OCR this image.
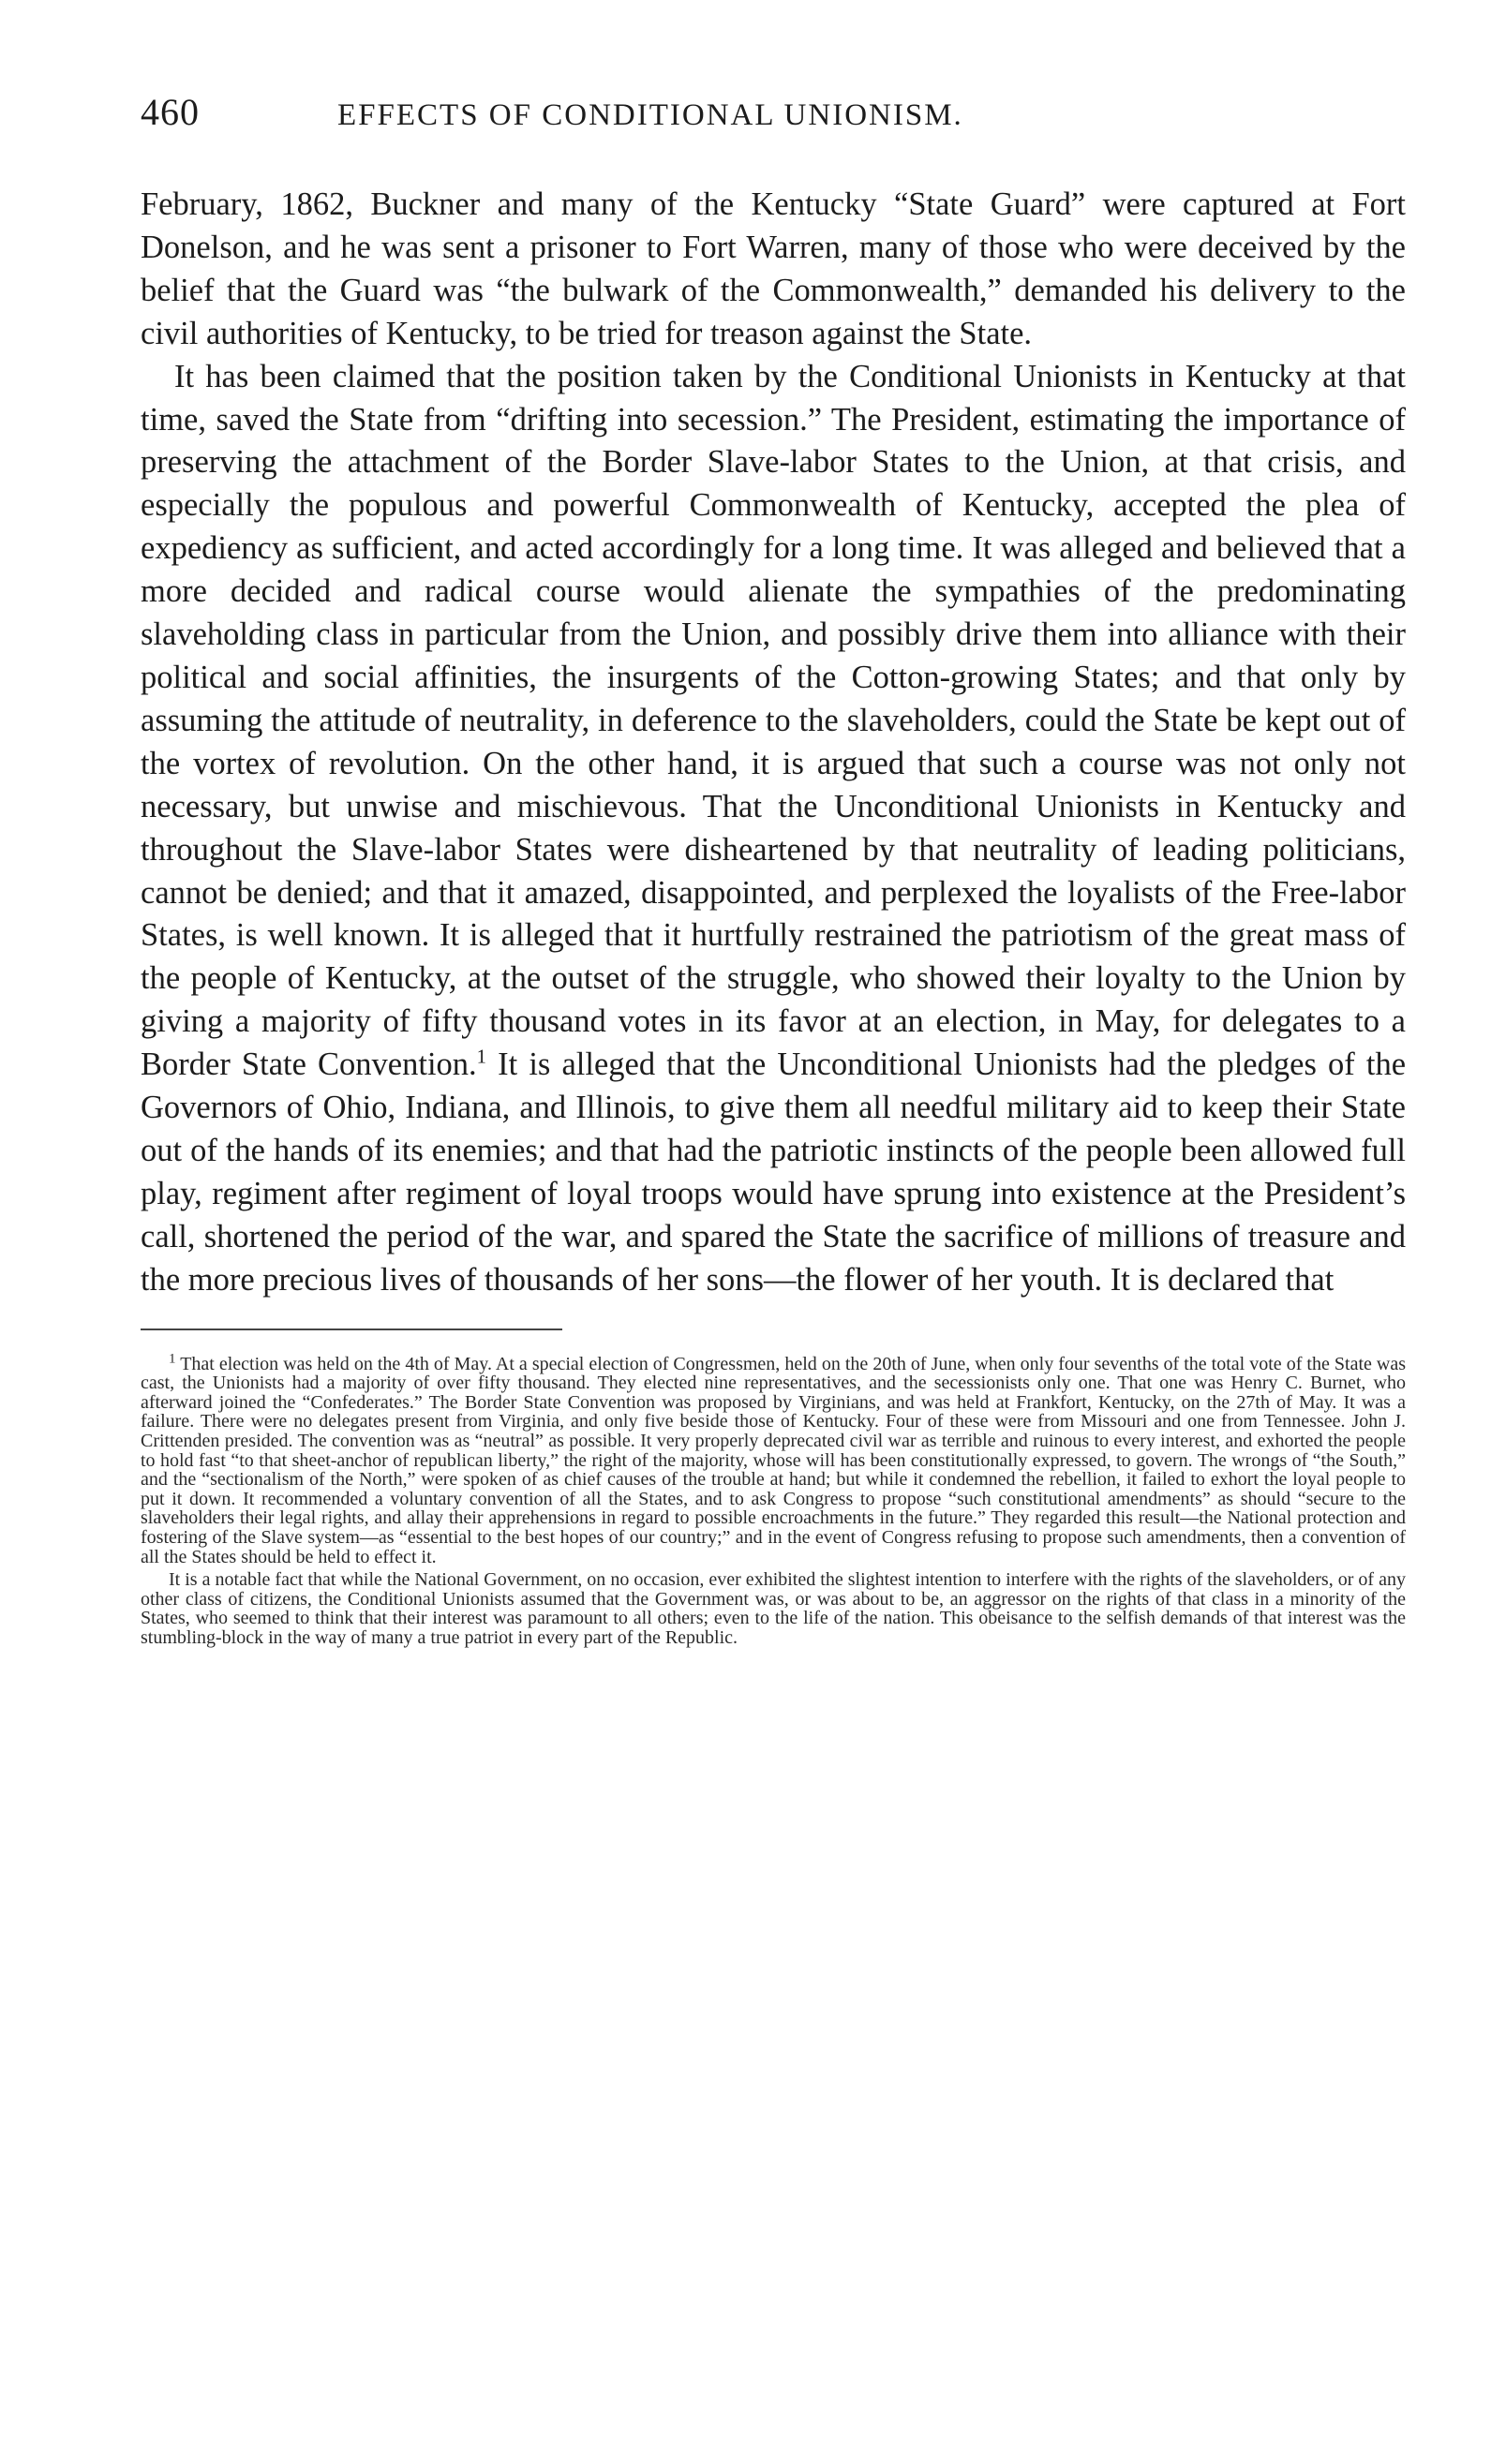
460	EFFECTS OF CONDITIONAL UNIONISM.

February, 1862, Buckner and many of the Kentucky “State Guard” were captured at Fort Donelson, and he was sent a prisoner to Fort Warren, many of those who were deceived by the belief that the Guard was “the bulwark of the Commonwealth,” demanded his delivery to the civil authorities of Kentucky, to be tried for treason against the State.

It has been claimed that the position taken by the Conditional Unionists in Kentucky at that time, saved the State from “drifting into secession.” The President, estimating the importance of preserving the attachment of the Border Slave-labor States to the Union, at that crisis, and especially the populous and powerful Commonwealth of Kentucky, accepted the plea of expediency as sufficient, and acted accordingly for a long time. It was alleged and believed that a more decided and radical course would alienate the sympathies of the predominating slaveholding class in particular from the Union, and possibly drive them into alliance with their political and social affinities, the insurgents of the Cotton-growing States; and that only by assuming the attitude of neutrality, in deference to the slaveholders, could the State be kept out of the vortex of revolution. On the other hand, it is argued that such a course was not only not necessary, but unwise and mischievous. That the Unconditional Unionists in Kentucky and throughout the Slave-labor States were disheartened by that neutrality of leading politicians, cannot be denied; and that it amazed, disappointed, and perplexed the loyalists of the Free-labor States, is well known. It is alleged that it hurtfully restrained the patriotism of the great mass of the people of Kentucky, at the outset of the struggle, who showed their loyalty to the Union by giving a majority of fifty thousand votes in its favor at an election, in May, for delegates to a Border State Convention.$^1$ It is alleged that the Unconditional Unionists had the pledges of the Governors of Ohio, Indiana, and Illinois, to give them all needful military aid to keep their State out of the hands of its enemies; and that had the patriotic instincts of the people been allowed full play, regiment after regiment of loyal troops would have sprung into existence at the President’s call, shortened the period of the war, and spared the State the sacrifice of millions of treasure and the more precious lives of thousands of her sons—the flower of her youth. It is declared that

$^1$ That election was held on the 4th of May. At a special election of Congressmen, held on the 20th of June, when only four sevenths of the total vote of the State was cast, the Unionists had a majority of over fifty thousand. They elected nine representatives, and the secessionists only one. That one was Henry C. Burnet, who afterward joined the “Confederates.” The Border State Convention was proposed by Virginians, and was held at Frankfort, Kentucky, on the 27th of May. It was a failure. There were no delegates present from Virginia, and only five beside those of Kentucky. Four of these were from Missouri and one from Tennessee. John J. Crittenden presided. The convention was as “neutral” as possible. It very properly deprecated civil war as terrible and ruinous to every interest, and exhorted the people to hold fast “to that sheet-anchor of republican liberty,” the right of the majority, whose will has been constitutionally expressed, to govern. The wrongs of “the South,” and the “sectionalism of the North,” were spoken of as chief causes of the trouble at hand; but while it condemned the rebellion, it failed to exhort the loyal people to put it down. It recommended a voluntary convention of all the States, and to ask Congress to propose “such constitutional amendments” as should “secure to the slaveholders their legal rights, and allay their apprehensions in regard to possible encroachments in the future.” They regarded this result—the National protection and fostering of the Slave system—as “essential to the best hopes of our country;” and in the event of Congress refusing to propose such amendments, then a convention of all the States should be held to effect it.

It is a notable fact that while the National Government, on no occasion, ever exhibited the slightest intention to interfere with the rights of the slaveholders, or of any other class of citizens, the Conditional Unionists assumed that the Government was, or was about to be, an aggressor on the rights of that class in a minority of the States, who seemed to think that their interest was paramount to all others; even to the life of the nation. This obeisance to the selfish demands of that interest was the stumbling-block in the way of many a true patriot in every part of the Republic.
